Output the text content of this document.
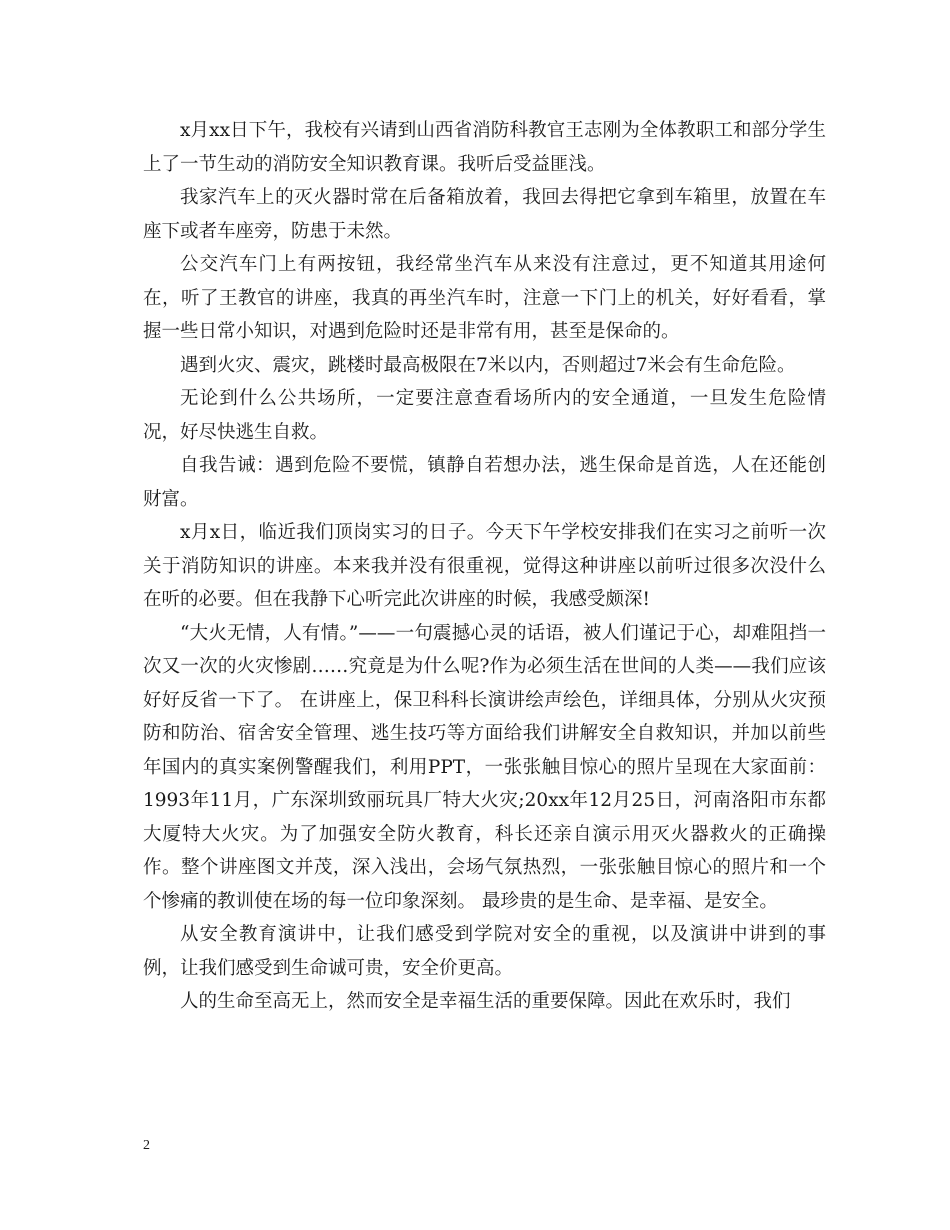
x月xx日下午，我校有兴请到山西省消防科教官王志刚为全体教职工和部分学生上了一节生动的消防安全知识教育课。我听后受益匪浅。

我家汽车上的灭火器时常在后备箱放着，我回去得把它拿到车箱里，放置在车座下或者车座旁，防患于未然。

公交汽车门上有两按钮，我经常坐汽车从来没有注意过，更不知道其用途何在，听了王教官的讲座，我真的再坐汽车时，注意一下门上的机关，好好看看，掌握一些日常小知识，对遇到危险时还是非常有用，甚至是保命的。

遇到火灾、震灾，跳楼时最高极限在7米以内，否则超过7米会有生命危险。

无论到什么公共场所，一定要注意查看场所内的安全通道，一旦发生危险情况，好尽快逃生自救。

自我告诫：遇到危险不要慌，镇静自若想办法，逃生保命是首选，人在还能创财富。

x月x日，临近我们顶岗实习的日子。今天下午学校安排我们在实习之前听一次关于消防知识的讲座。本来我并没有很重视，觉得这种讲座以前听过很多次没什么在听的必要。但在我静下心听完此次讲座的时候，我感受颇深!

“大火无情，人有情。”——一句震撼心灵的话语，被人们谨记于心，却难阻挡一次又一次的火灾惨剧……究竟是为什么呢?作为必须生活在世间的人类——我们应该好好反省一下了。 在讲座上，保卫科科长演讲绘声绘色，详细具体，分别从火灾预防和防治、宿舍安全管理、逃生技巧等方面给我们讲解安全自救知识，并加以前些年国内的真实案例警醒我们，利用PPT，一张张触目惊心的照片呈现在大家面前：1993年11月，广东深圳致丽玩具厂特大火灾;20xx年12月25日，河南洛阳市东都大厦特大火灾。为了加强安全防火教育，科长还亲自演示用灭火器救火的正确操作。整个讲座图文并茂，深入浅出，会场气氛热烈，一张张触目惊心的照片和一个个惨痛的教训使在场的每一位印象深刻。 最珍贵的是生命、是幸福、是安全。

从安全教育演讲中，让我们感受到学院对安全的重视，以及演讲中讲到的事例，让我们感受到生命诚可贵，安全价更高。

人的生命至高无上，然而安全是幸福生活的重要保障。因此在欢乐时，我们

2
